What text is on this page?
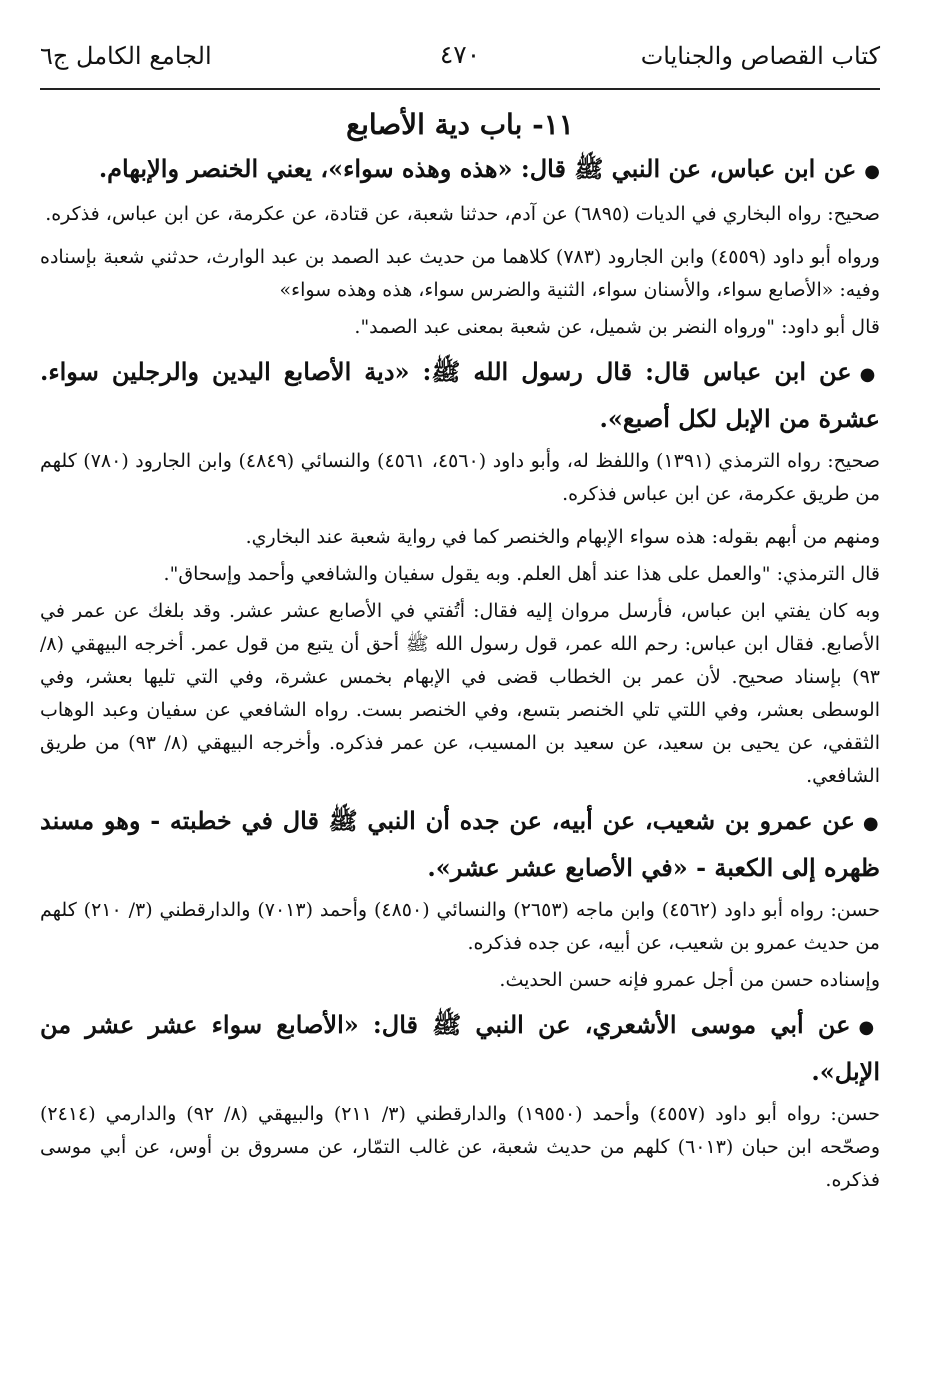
كتاب القصاص والجنايات
٤٧٠
الجامع الكامل ج٦
١١- باب دية الأصابع

●عن ابن عباس، عن النبي ﷺ قال: «هذه وهذه سواء»، يعني الخنصر والإبهام.

صحيح: رواه البخاري في الديات (٦٨٩٥) عن آدم، حدثنا شعبة، عن قتادة، عن عكرمة، عن ابن عباس، فذكره.

ورواه أبو داود (٤٥٥٩) وابن الجارود (٧٨٣) كلاهما من حديث عبد الصمد بن عبد الوارث، حدثني شعبة بإسناده وفيه: «الأصابع سواء، والأسنان سواء، الثنية والضرس سواء، هذه وهذه سواء»

قال أبو داود: "ورواه النضر بن شميل، عن شعبة بمعنى عبد الصمد".

●عن ابن عباس قال: قال رسول الله ﷺ: «دية الأصابع اليدين والرجلين سواء. عشرة من الإبل لكل أصبع».

صحيح: رواه الترمذي (١٣٩١) واللفظ له، وأبو داود (٤٥٦٠، ٤٥٦١) والنسائي (٤٨٤٩) وابن الجارود (٧٨٠) كلهم من طريق عكرمة، عن ابن عباس فذكره.

ومنهم من أبهم بقوله: هذه سواء الإبهام والخنصر كما في رواية شعبة عند البخاري.

قال الترمذي: "والعمل على هذا عند أهل العلم. وبه يقول سفيان والشافعي وأحمد وإسحاق".

وبه كان يفتي ابن عباس، فأرسل مروان إليه فقال: أتُفتي في الأصابع عشر عشر. وقد بلغك عن عمر في الأصابع. فقال ابن عباس: رحم الله عمر، قول رسول الله ﷺ أحق أن يتبع من قول عمر. أخرجه البيهقي (٨/ ٩٣) بإسناد صحيح. لأن عمر بن الخطاب قضى في الإبهام بخمس عشرة، وفي التي تليها بعشر، وفي الوسطى بعشر، وفي اللتي تلي الخنصر بتسع، وفي الخنصر بست. رواه الشافعي عن سفيان وعبد الوهاب الثقفي، عن يحيى بن سعيد، عن سعيد بن المسيب، عن عمر فذكره. وأخرجه البيهقي (٨/ ٩٣) من طريق الشافعي.

●عن عمرو بن شعيب، عن أبيه، عن جده أن النبي ﷺ قال في خطبته - وهو مسند ظهره إلى الكعبة - «في الأصابع عشر عشر».

حسن: رواه أبو داود (٤٥٦٢) وابن ماجه (٢٦٥٣) والنسائي (٤٨٥٠) وأحمد (٧٠١٣) والدارقطني (٣/ ٢١٠) كلهم من حديث عمرو بن شعيب، عن أبيه، عن جده فذكره.

وإسناده حسن من أجل عمرو فإنه حسن الحديث.

●عن أبي موسى الأشعري، عن النبي ﷺ قال: «الأصابع سواء عشر عشر من الإبل».

حسن: رواه أبو داود (٤٥٥٧) وأحمد (١٩٥٥٠) والدارقطني (٣/ ٢١١) والبيهقي (٨/ ٩٢) والدارمي (٢٤١٤) وصحّحه ابن حبان (٦٠١٣) كلهم من حديث شعبة، عن غالب التمّار، عن مسروق بن أوس، عن أبي موسى فذكره.
